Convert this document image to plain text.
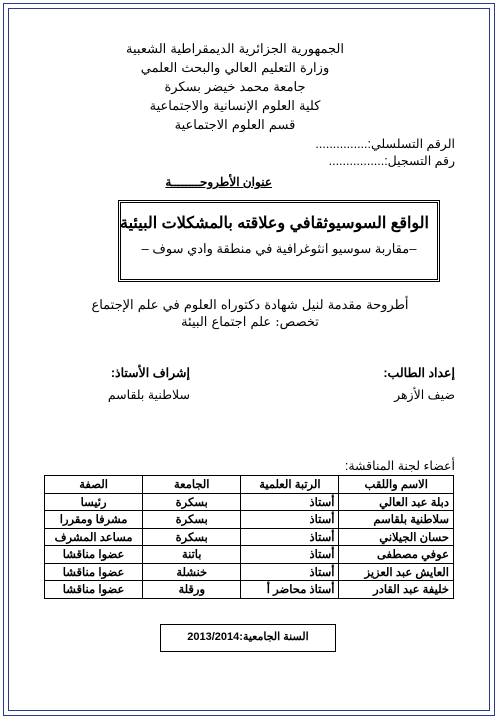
الجمهورية الجزائرية الديمقراطية الشعبية
وزارة التعليم العالي والبحث العلمي
جامعة محمد خيضر بسكرة
كلية العلوم الإنسانية والاجتماعية
قسم العلوم الاجتماعية
الرقم التسلسلي:...............
رقم التسجيل:................
عنوان الأطروحــــــــة
الواقع السوسيوثقافي وعلاقته بالمشكلات البيئية
–مقاربة سوسيو انثوغرافية في منطقة وادي سوف –
أطروحة مقدمة لنيل شهادة دكتوراه العلوم في علم الإجتماع
تخصص: علم اجتماع البيئة
إعداد الطالب:
ضيف الأزهر
إشراف الأستاذ:
سلاطنية بلقاسم
أعضاء لجنة المناقشة:
الاسم واللقب	الرتبة العلمية	الجامعة	الصفة
دبلة عبد العالي	أستاذ	بسكرة	رئيسا
سلاطنية بلقاسم	أستاذ	بسكرة	مشرفا ومقررا
حسان الجيلاني	أستاذ	بسكرة	مساعد المشرف
عوفي مصطفى	أستاذ	باتنة	عضوا مناقشا
العايش عبد العزيز	أستاذ	خنشلة	عضوا مناقشا
خليفة عبد القادر	أستاذ محاضر أ	ورقلة	عضوا مناقشا
السنة الجامعية:2013/2014
